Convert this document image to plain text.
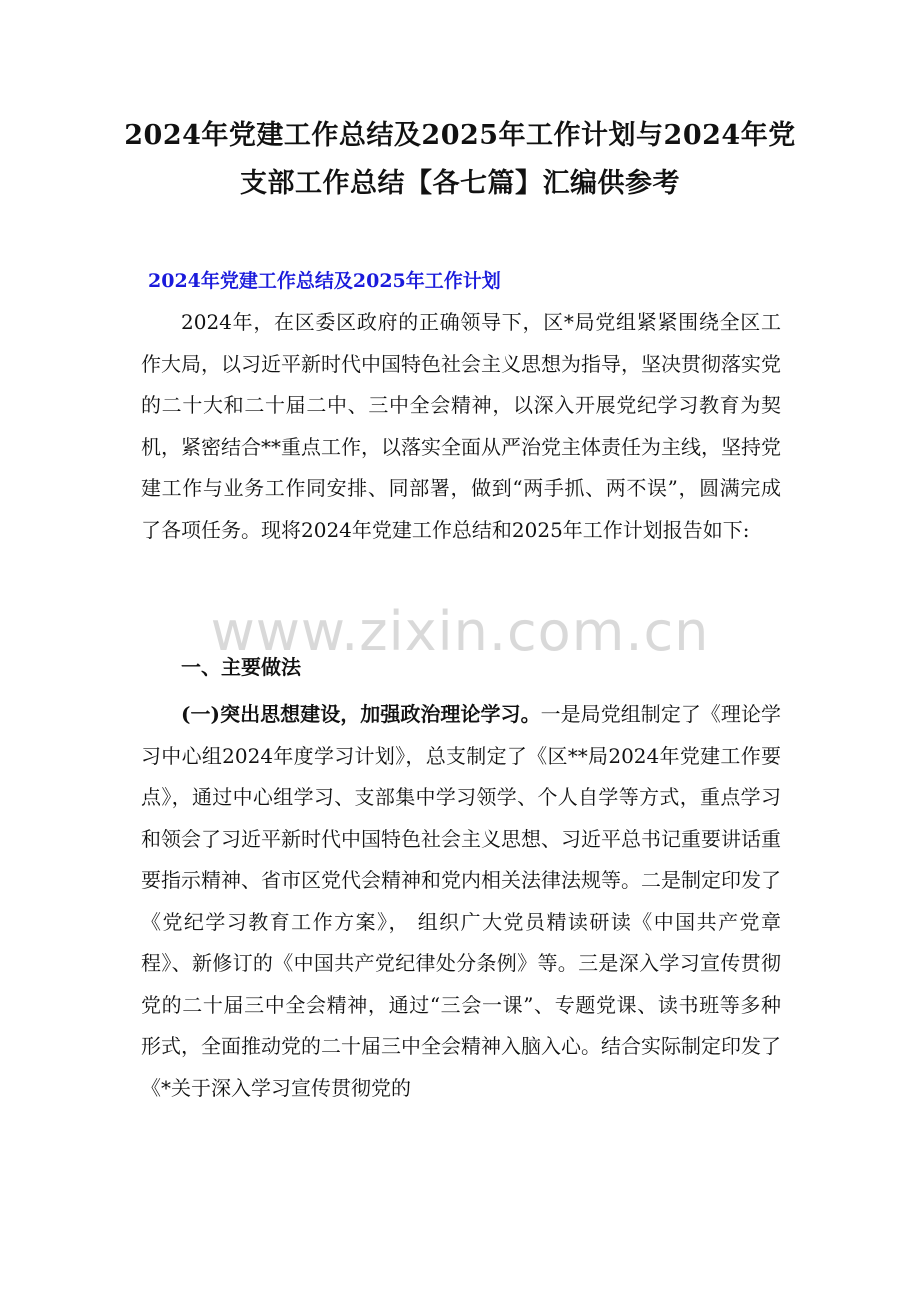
2024年党建工作总结及2025年工作计划与2024年党
支部工作总结【各七篇】汇编供参考
2024年党建工作总结及2025年工作计划

2024年，在区委区政府的正确领导下，区*局党组紧紧围绕全区工作大局，以习近平新时代中国特色社会主义思想为指导，坚决贯彻落实党的二十大和二十届二中、三中全会精神，以深入开展党纪学习教育为契机，紧密结合**重点工作，以落实全面从严治党主体责任为主线，坚持党建工作与业务工作同安排、同部署，做到“两手抓、两不误”，圆满完成了各项任务。现将2024年党建工作总结和2025年工作计划报告如下:

一、主要做法

(一)突出思想建设，加强政治理论学习。一是局党组制定了《理论学习中心组2024年度学习计划》，总支制定了《区**局2024年党建工作要点》，通过中心组学习、支部集中学习领学、个人自学等方式，重点学习和领会了习近平新时代中国特色社会主义思想、习近平总书记重要讲话重要指示精神、省市区党代会精神和党内相关法律法规等。二是制定印发了《党纪学习教育工作方案》， 组织广大党员精读研读《中国共产党章程》、新修订的《中国共产党纪律处分条例》等。三是深入学习宣传贯彻党的二十届三中全会精神，通过“三会一课”、专题党课、读书班等多种形式，全面推动党的二十届三中全会精神入脑入心。结合实际制定印发了《*关于深入学习宣传贯彻党的

www.zixin.com.cn
